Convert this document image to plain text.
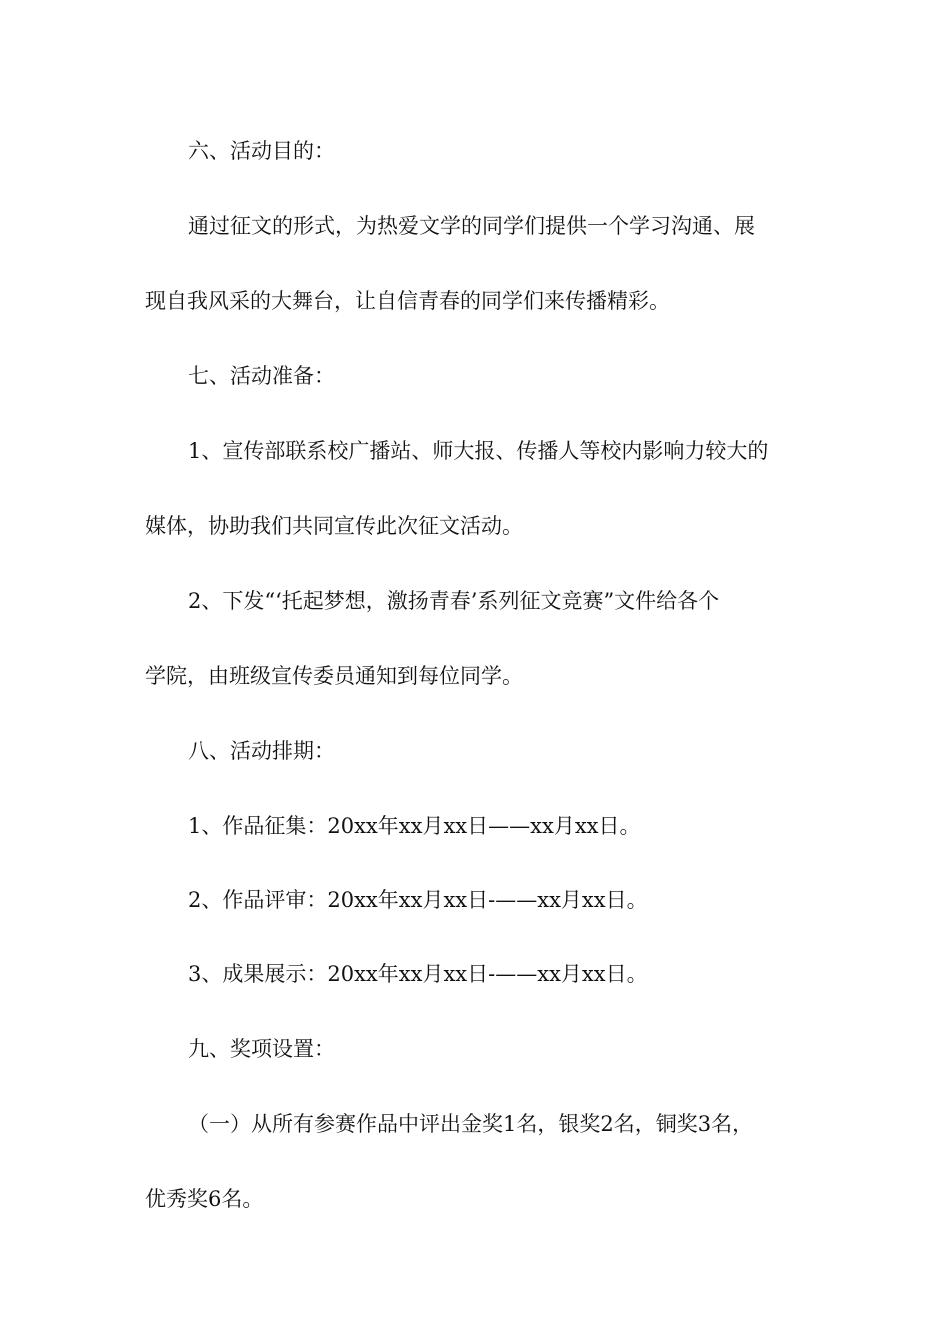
六、活动目的：
通过征文的形式，为热爱文学的同学们提供一个学习沟通、展
现自我风采的大舞台，让自信青春的同学们来传播精彩。
七、活动准备：
1、宣传部联系校广播站、师大报、传播人等校内影响力较大的
媒体，协助我们共同宣传此次征文活动。
2、下发“‘托起梦想，激扬青春’系列征文竞赛”文件给各个
学院，由班级宣传委员通知到每位同学。
八、活动排期：
1、作品征集：20xx年xx月xx日——xx月xx日。
2、作品评审：20xx年xx月xx日-——xx月xx日。
3、成果展示：20xx年xx月xx日-——xx月xx日。
九、奖项设置：
（一）从所有参赛作品中评出金奖1名，银奖2名，铜奖3名，
优秀奖6名。
